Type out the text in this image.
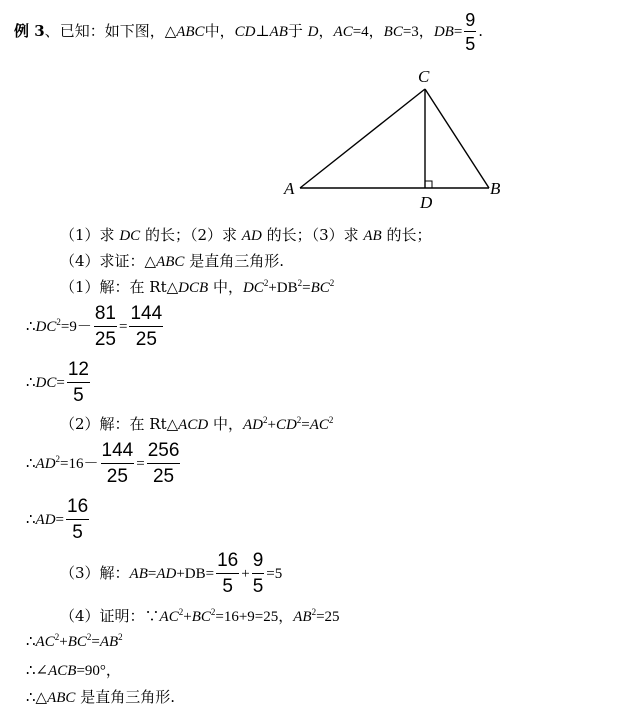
例 3、已知：如下图，△ABC中，CD⊥AB于 D，AC=4，BC=3，$DB= \frac{9}{5}$ .
A	B
C
D
（1）求 DC 的长；（2）求 AD 的长；（3）求 AB 的长；
（4）求证：△ABC 是直角三角形.
（1）解：在 Rt△DCB 中，$DC^2+DB^2=BC^2$
$\therefore DC^2=9- \frac{81}{25} = \frac{144}{25}$
∴DC= $\frac{12}{5}$
（2）解：在 Rt△ACD 中，$AD^2+CD^2=AC^2$
$\therefore AD^2=16- \frac{144}{25} = \frac{256}{25}$
∴AD= $\frac{16}{5}$
（3）解：$AB=AD+DB= \frac{16}{5} + \frac{9}{5} =5$
（4）证明：$\because AC^2+BC^2=16+9=25$，$AB^2=25$
$\therefore AC^2+BC^2=AB^2$
∴∠ACB=90°，
∴△ABC 是直角三角形.
